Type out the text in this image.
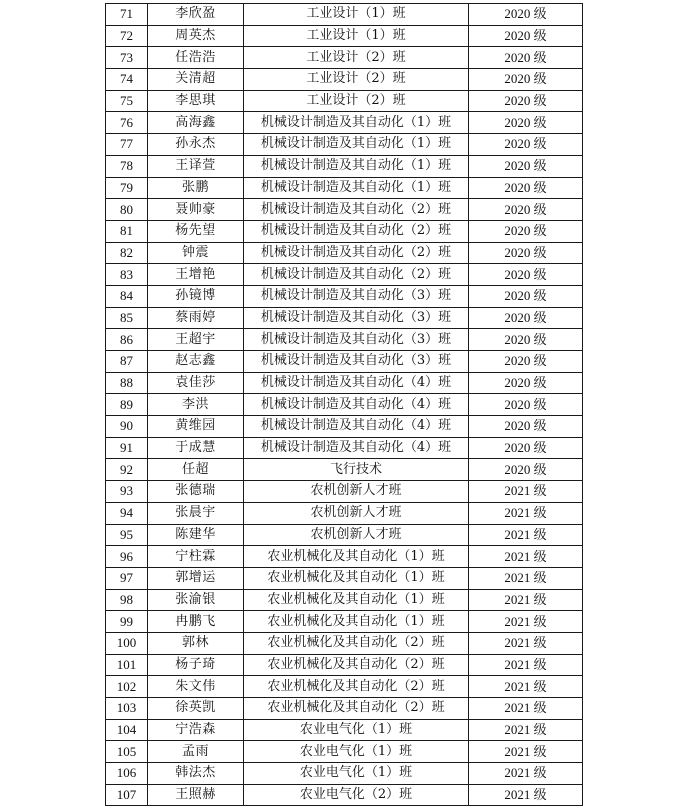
71	李欣盈	工业设计（1）班	2020 级
72	周英杰	工业设计（1）班	2020 级
73	任浩浩	工业设计（2）班	2020 级
74	关清超	工业设计（2）班	2020 级
75	李思琪	工业设计（2）班	2020 级
76	高海鑫	机械设计制造及其自动化（1）班	2020 级
77	孙永杰	机械设计制造及其自动化（1）班	2020 级
78	王译萱	机械设计制造及其自动化（1）班	2020 级
79	张鹏	机械设计制造及其自动化（1）班	2020 级
80	聂帅豪	机械设计制造及其自动化（2）班	2020 级
81	杨先望	机械设计制造及其自动化（2）班	2020 级
82	钟震	机械设计制造及其自动化（2）班	2020 级
83	王增艳	机械设计制造及其自动化（2）班	2020 级
84	孙镜博	机械设计制造及其自动化（3）班	2020 级
85	蔡雨婷	机械设计制造及其自动化（3）班	2020 级
86	王超宇	机械设计制造及其自动化（3）班	2020 级
87	赵志鑫	机械设计制造及其自动化（3）班	2020 级
88	袁佳莎	机械设计制造及其自动化（4）班	2020 级
89	李洪	机械设计制造及其自动化（4）班	2020 级
90	黄维园	机械设计制造及其自动化（4）班	2020 级
91	于成慧	机械设计制造及其自动化（4）班	2020 级
92	任超	飞行技术	2020 级
93	张德瑞	农机创新人才班	2021 级
94	张晨宇	农机创新人才班	2021 级
95	陈建华	农机创新人才班	2021 级
96	宁柱霖	农业机械化及其自动化（1）班	2021 级
97	郭增运	农业机械化及其自动化（1）班	2021 级
98	张渝银	农业机械化及其自动化（1）班	2021 级
99	冉鹏飞	农业机械化及其自动化（1）班	2021 级
100	郭林	农业机械化及其自动化（2）班	2021 级
101	杨子琦	农业机械化及其自动化（2）班	2021 级
102	朱文伟	农业机械化及其自动化（2）班	2021 级
103	徐英凯	农业机械化及其自动化（2）班	2021 级
104	宁浩森	农业电气化（1）班	2021 级
105	孟雨	农业电气化（1）班	2021 级
106	韩法杰	农业电气化（1）班	2021 级
107	王照赫	农业电气化（2）班	2021 级
